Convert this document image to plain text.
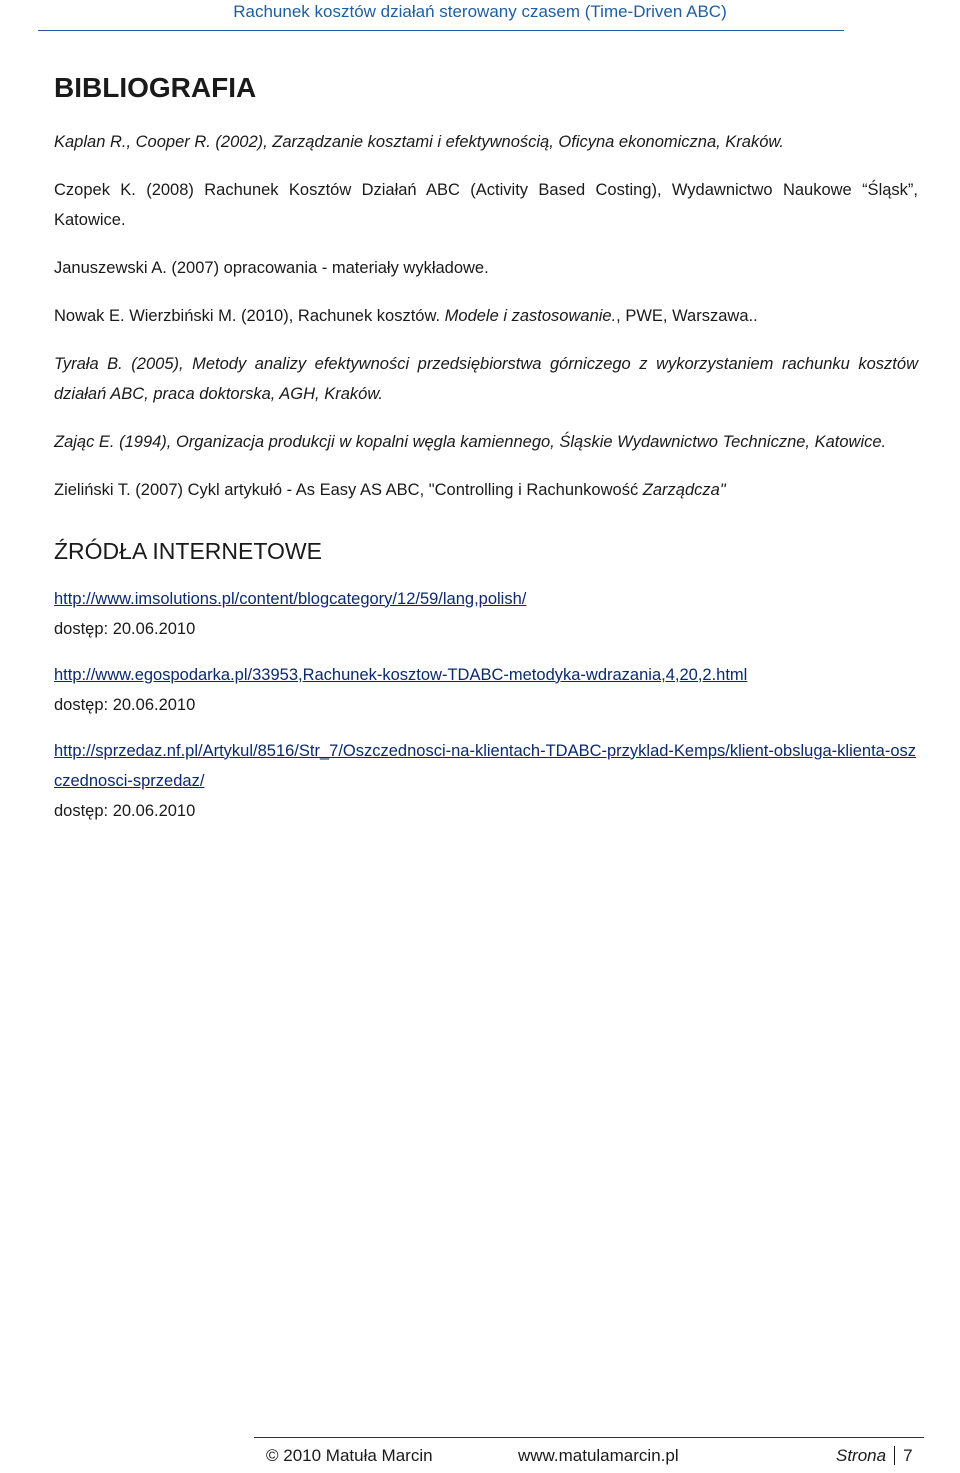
Rachunek kosztów działań sterowany czasem (Time-Driven ABC)
BIBLIOGRAFIA

Kaplan R., Cooper R. (2002), Zarządzanie kosztami i efektywnością, Oficyna ekonomiczna, Kraków.

Czopek K. (2008) Rachunek Kosztów Działań ABC (Activity Based Costing), Wydawnictwo Naukowe “Śląsk”, Katowice.

Januszewski A. (2007) opracowania - materiały wykładowe.

Nowak E. Wierzbiński M. (2010), Rachunek kosztów. Modele i zastosowanie., PWE, Warszawa..

Tyrała B. (2005), Metody analizy efektywności przedsiębiorstwa górniczego z wykorzystaniem rachunku kosztów działań ABC, praca doktorska, AGH, Kraków.

Zając E. (1994), Organizacja produkcji w kopalni węgla kamiennego, Śląskie Wydawnictwo Techniczne, Katowice.

Zieliński T. (2007) Cykl artykułó - As Easy AS ABC, "Controlling i Rachunkowość Zarządcza"

ŹRÓDŁA INTERNETOWE
http://www.imsolutions.pl/content/blogcategory/12/59/lang,polish/
dostęp: 20.06.2010
http://www.egospodarka.pl/33953,Rachunek-kosztow-TDABC-metodyka-wdrazania,4,20,2.html
dostęp: 20.06.2010
http://sprzedaz.nf.pl/Artykul/8516/Str_7/Oszczednosci-na-klientach-TDABC-przyklad-Kemps/klient-obsluga-klienta-oszczednosci-sprzedaz/
dostęp: 20.06.2010
© 2010 Matuła Marcin	www.matulamarcin.pl	Strona 7
